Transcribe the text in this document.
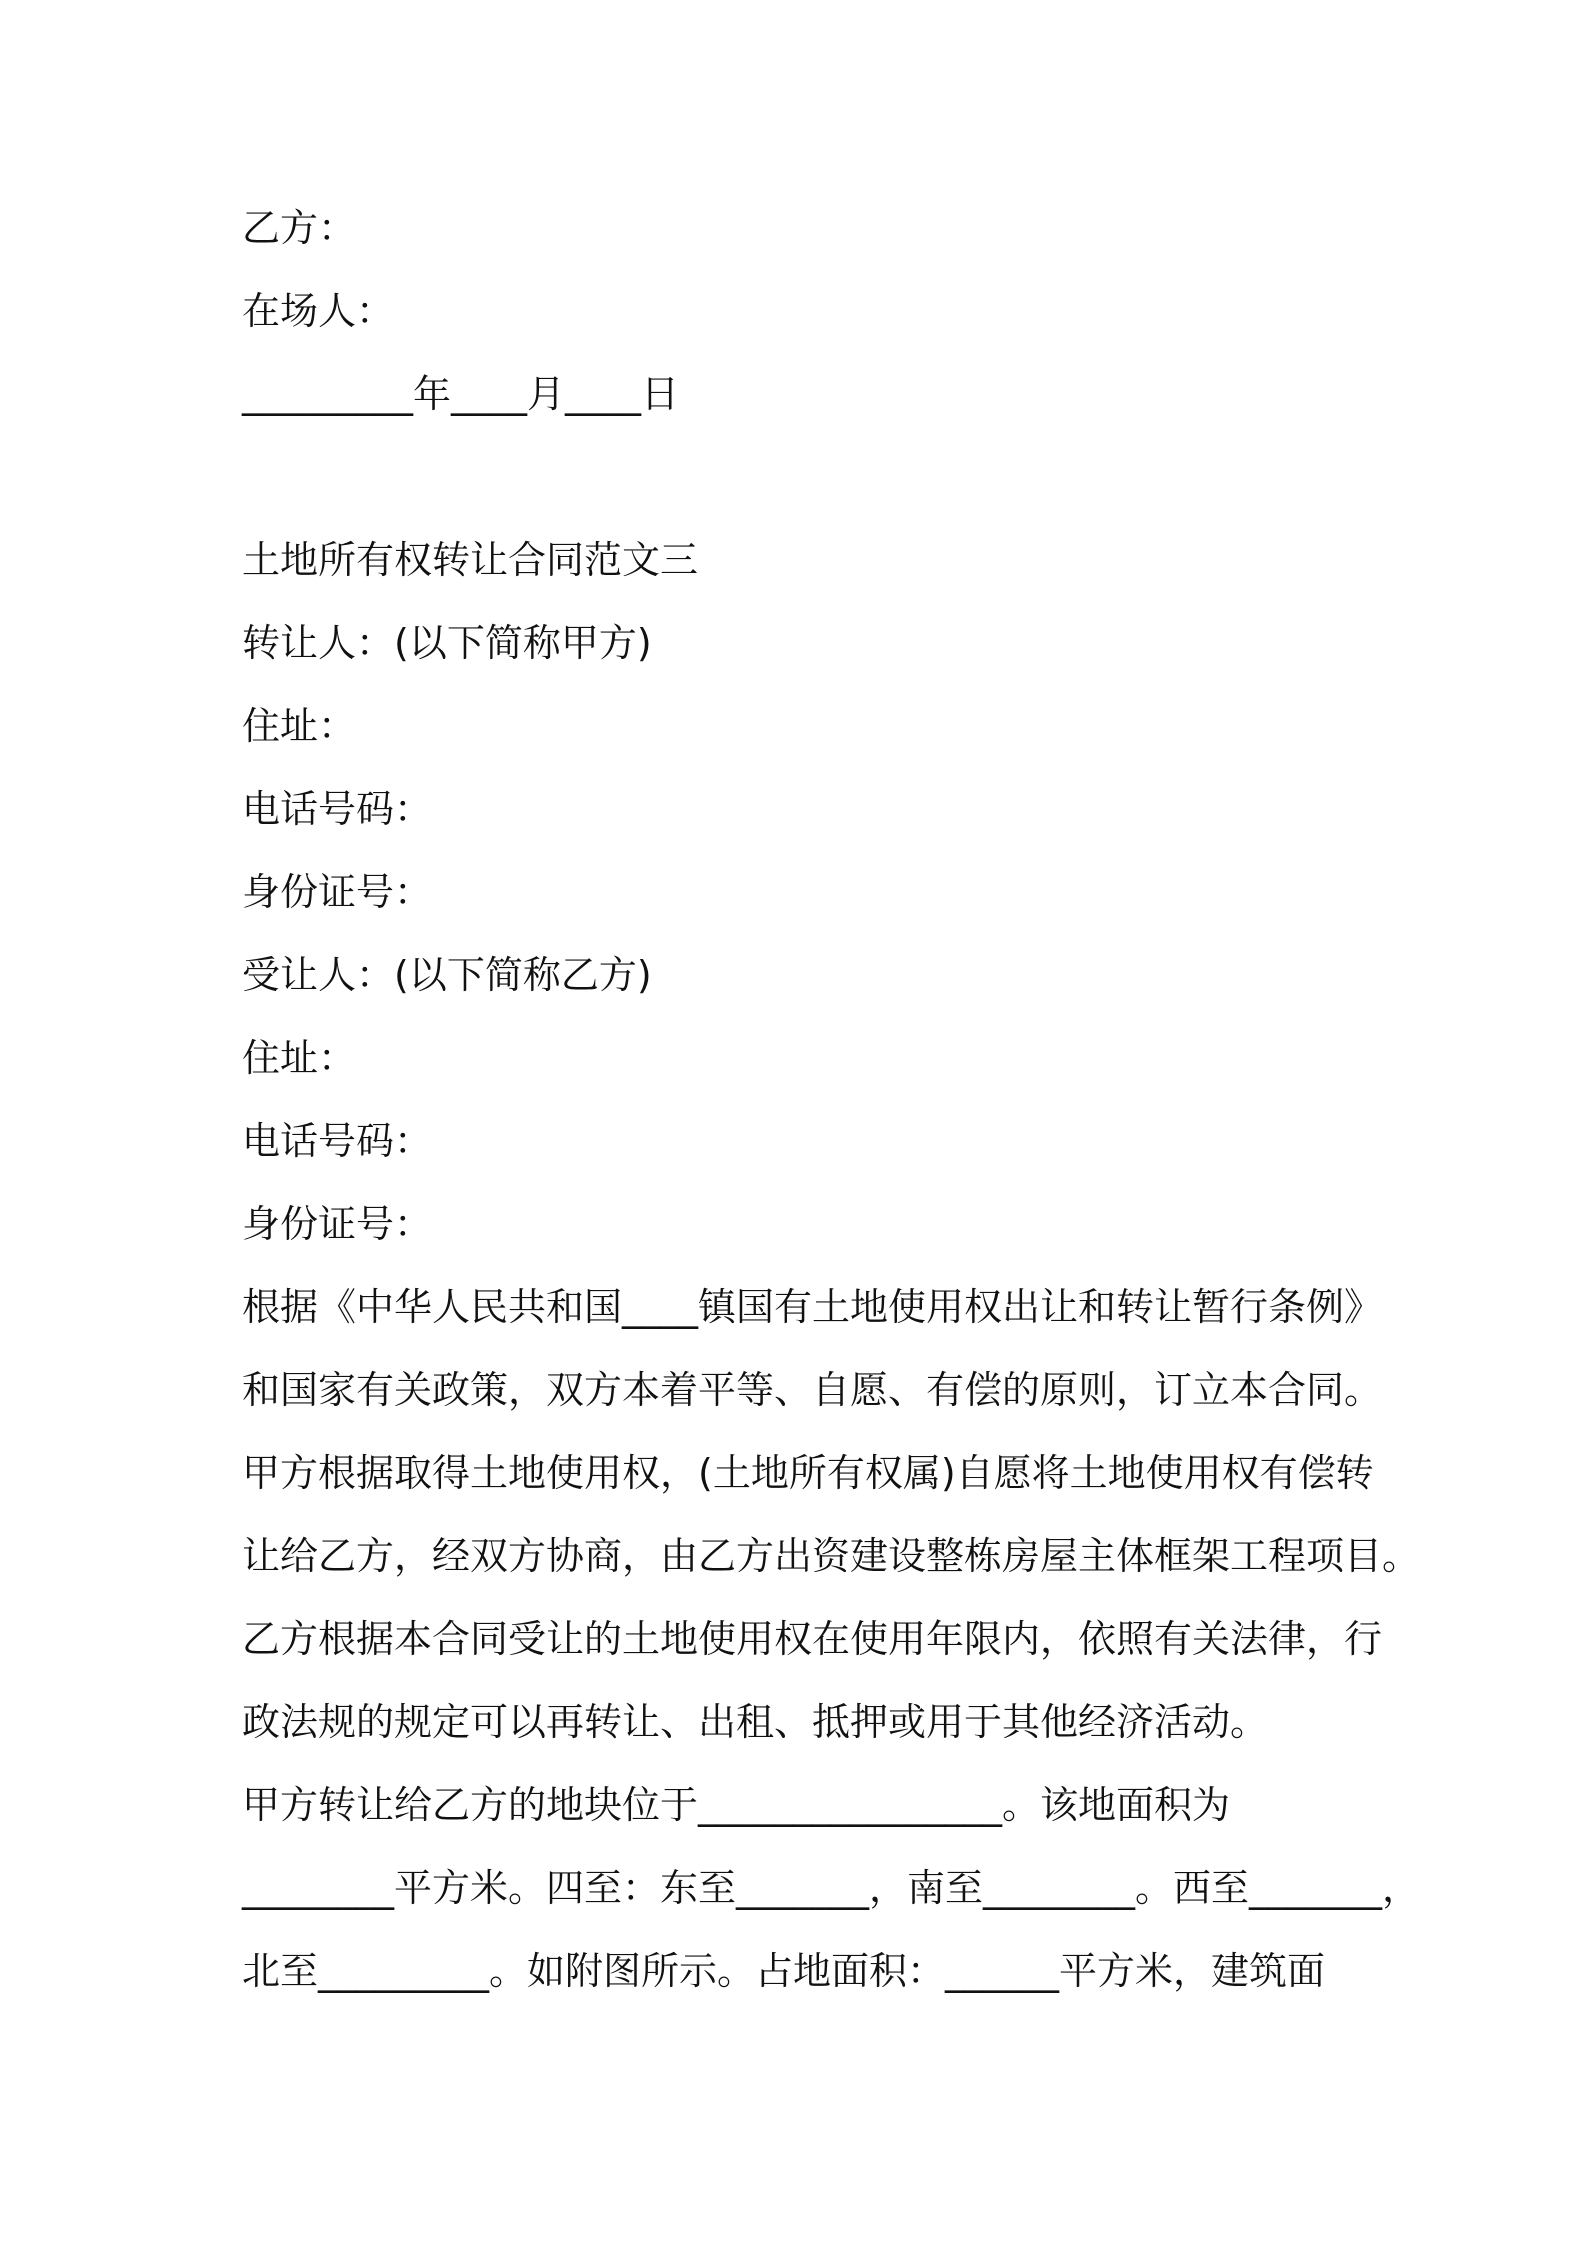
乙方：
在场人：
_________年____月____日
土地所有权转让合同范文三
转让人：(以下简称甲方)
住址：
电话号码：
身份证号：
受让人：(以下简称乙方)
住址：
电话号码：
身份证号：
根据《中华人民共和国____镇国有土地使用权出让和转让暂行条例》
和国家有关政策，双方本着平等、自愿、有偿的原则，订立本合同。
甲方根据取得土地使用权，(土地所有权属)自愿将土地使用权有偿转
让给乙方，经双方协商，由乙方出资建设整栋房屋主体框架工程项目。
乙方根据本合同受让的土地使用权在使用年限内，依照有关法律，行
政法规的规定可以再转让、出租、抵押或用于其他经济活动。
甲方转让给乙方的地块位于________________。该地面积为
________平方米。四至：东至_______，南至________。西至_______，
北至_________。如附图所示。占地面积：______平方米，建筑面
